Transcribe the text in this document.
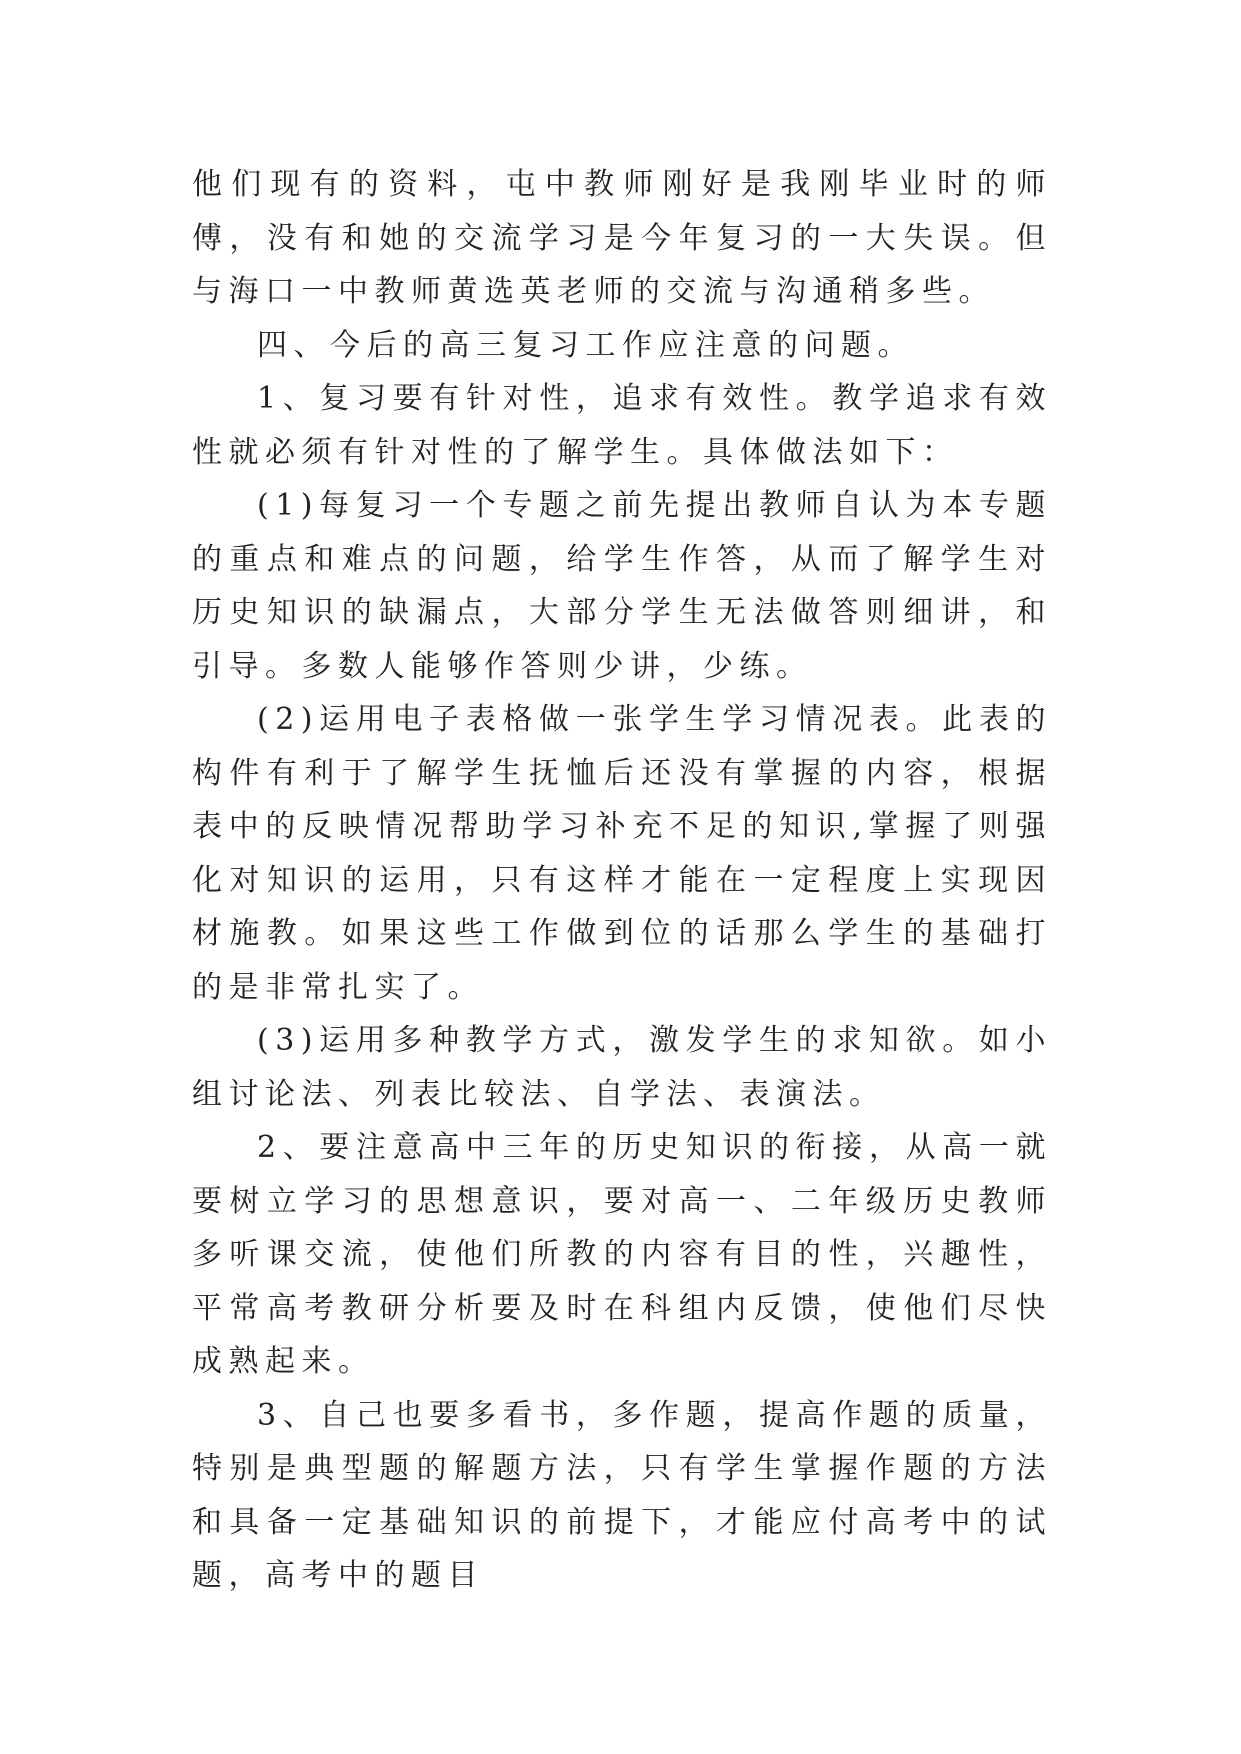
他们现有的资料，屯中教师刚好是我刚毕业时的师傅，没有和她的交流学习是今年复习的一大失误。但与海口一中教师黄选英老师的交流与沟通稍多些。

四、今后的高三复习工作应注意的问题。

1、复习要有针对性，追求有效性。教学追求有效性就必须有针对性的了解学生。具体做法如下：

(1)每复习一个专题之前先提出教师自认为本专题的重点和难点的问题，给学生作答，从而了解学生对历史知识的缺漏点，大部分学生无法做答则细讲，和引导。多数人能够作答则少讲，少练。

(2)运用电子表格做一张学生学习情况表。此表的构件有利于了解学生抚恤后还没有掌握的内容，根据表中的反映情况帮助学习补充不足的知识,掌握了则强化对知识的运用，只有这样才能在一定程度上实现因材施教。如果这些工作做到位的话那么学生的基础打的是非常扎实了。

(3)运用多种教学方式，激发学生的求知欲。如小组讨论法、列表比较法、自学法、表演法。

2、要注意高中三年的历史知识的衔接，从高一就要树立学习的思想意识，要对高一、二年级历史教师多听课交流，使他们所教的内容有目的性，兴趣性，平常高考教研分析要及时在科组内反馈，使他们尽快成熟起来。

3、自己也要多看书，多作题，提高作题的质量，特别是典型题的解题方法，只有学生掌握作题的方法和具备一定基础知识的前提下，才能应付高考中的试题，高考中的题目
